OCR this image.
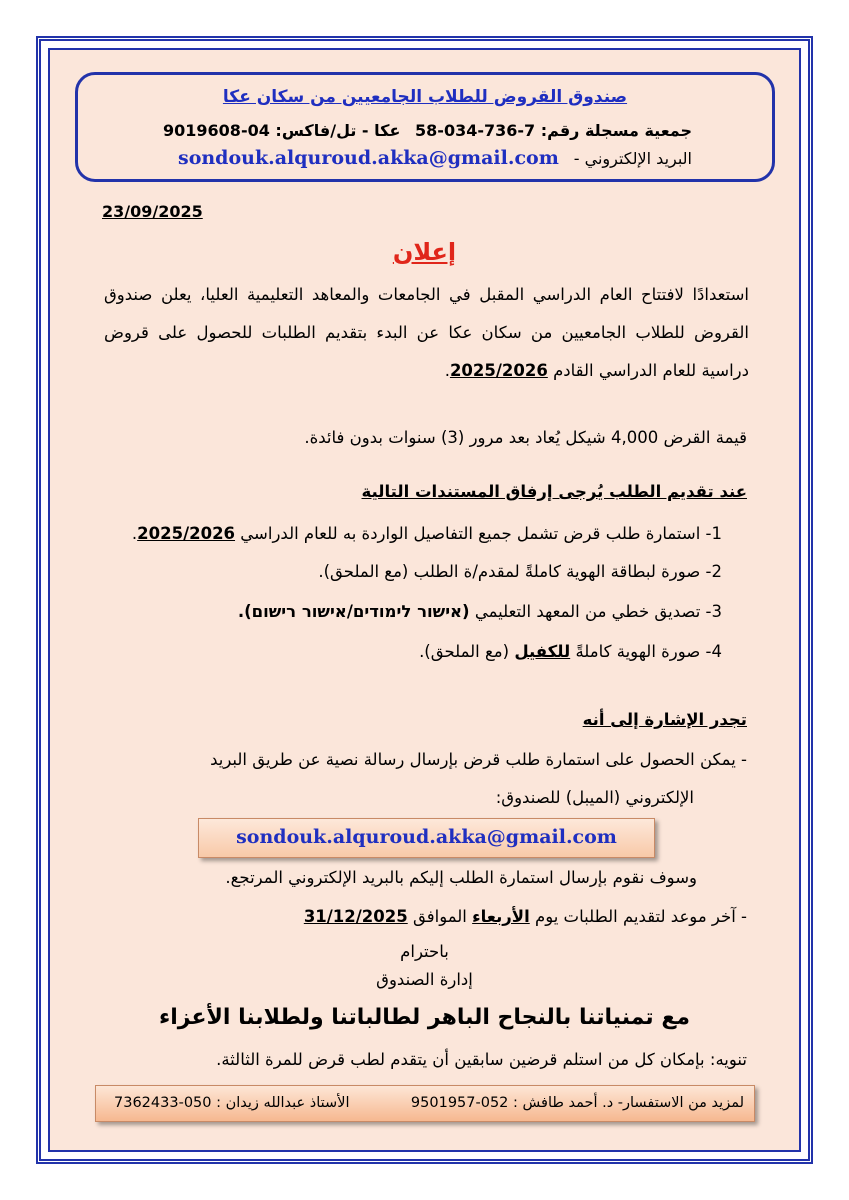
صندوق القروض للطلاب الجامعيين من سكان عكا
جمعية مسجلة رقم: 7-736-034-58
عكا - تل/فاكس: 04-9019608
البريد الإلكتروني -
sondouk.alquroud.akka@gmail.com
23/09/2025
إعلان
استعدادًا لافتتاح العام الدراسي المقبل في الجامعات والمعاهد التعليمية العليا، يعلن صندوق القروض للطلاب الجامعيين من سكان عكا عن البدء بتقديم الطلبات للحصول على قروض دراسية للعام الدراسي القادم 2025/2026.
قيمة القرض 4,000 شيكل يُعاد بعد مرور (3) سنوات بدون فائدة.
عند تقديم الطلب يُرجى إرفاق المستندات التالية
1- استمارة طلب قرض تشمل جميع التفاصيل الواردة به للعام الدراسي 2025/2026.
2- صورة لبطاقة الهوية كاملةً لمقدم/ة الطلب (مع الملحق).
3- تصديق خطي من المعهد التعليمي (אישור לימודים/אישור רישום).
4- صورة الهوية كاملةً للكفيل (مع الملحق).
تجدر الإشارة إلى أنه
- يمكن الحصول على استمارة طلب قرض بإرسال رسالة نصية عن طريق البريد
الإلكتروني (الميبل) للصندوق:
sondouk.alquroud.akka@gmail.com
وسوف نقوم بإرسال استمارة الطلب إليكم بالبريد الإلكتروني المرتجع.
- آخر موعد لتقديم الطلبات يوم الأربعاء الموافق 31/12/2025
باحترام
إدارة الصندوق
مع تمنياتنا بالنجاح الباهر لطالباتنا ولطلابنا الأعزاء
تنويه: بإمكان كل من استلم قرضين سابقين أن يتقدم لطب قرض للمرة الثالثة.
لمزيد من الاستفسار- د. أحمد طافش : 052-9501957
الأستاذ عبدالله زيدان : 050-7362433
